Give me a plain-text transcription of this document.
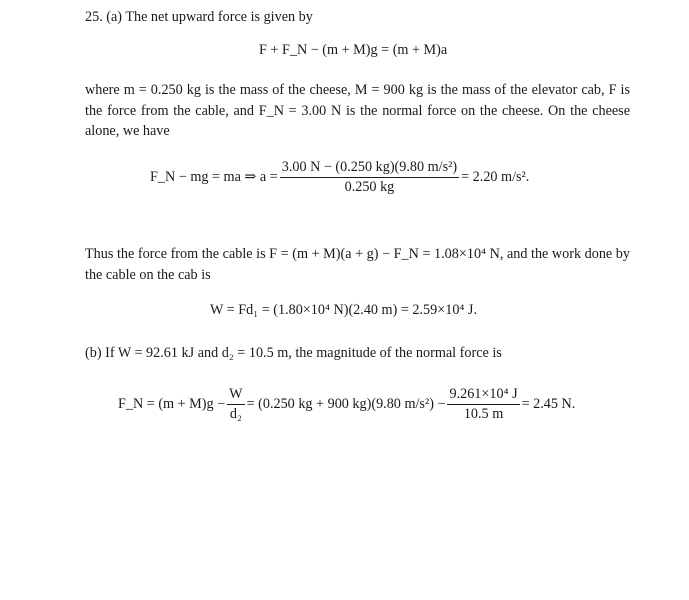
25. (a) The net upward force is given by
F + F_N − (m + M)g = (m + M)a
where m = 0.250 kg is the mass of the cheese, M = 900 kg is the mass of the elevator cab, F is the force from the cable, and F_N = 3.00 N is the normal force on the cheese. On the cheese alone, we have
F_N − mg = ma ⇒ $a = \frac{\text{3.00 N − (0.250 kg)(9.80 m/s²)}}{0.250 kg} = 2.20$ m/s².
Thus the force from the cable is F = (m + M)(a + g) − F_N = 1.08×10⁴ N, and the work done by the cable on the cab is
W = Fd₁ = (1.80×10⁴ N)(2.40 m) = 2.59×10⁴ J.
(b) If W = 92.61 kJ and d₂ = 10.5 m, the magnitude of the normal force is
F_N = $(m + M)g - \frac{W}{\text{d₂}} = (0.250$ kg + 900 kg)(9.80 $m/s^2) - \frac{\text{9.261×10⁴ J}}{10.5 m} = 2.45$ N.
